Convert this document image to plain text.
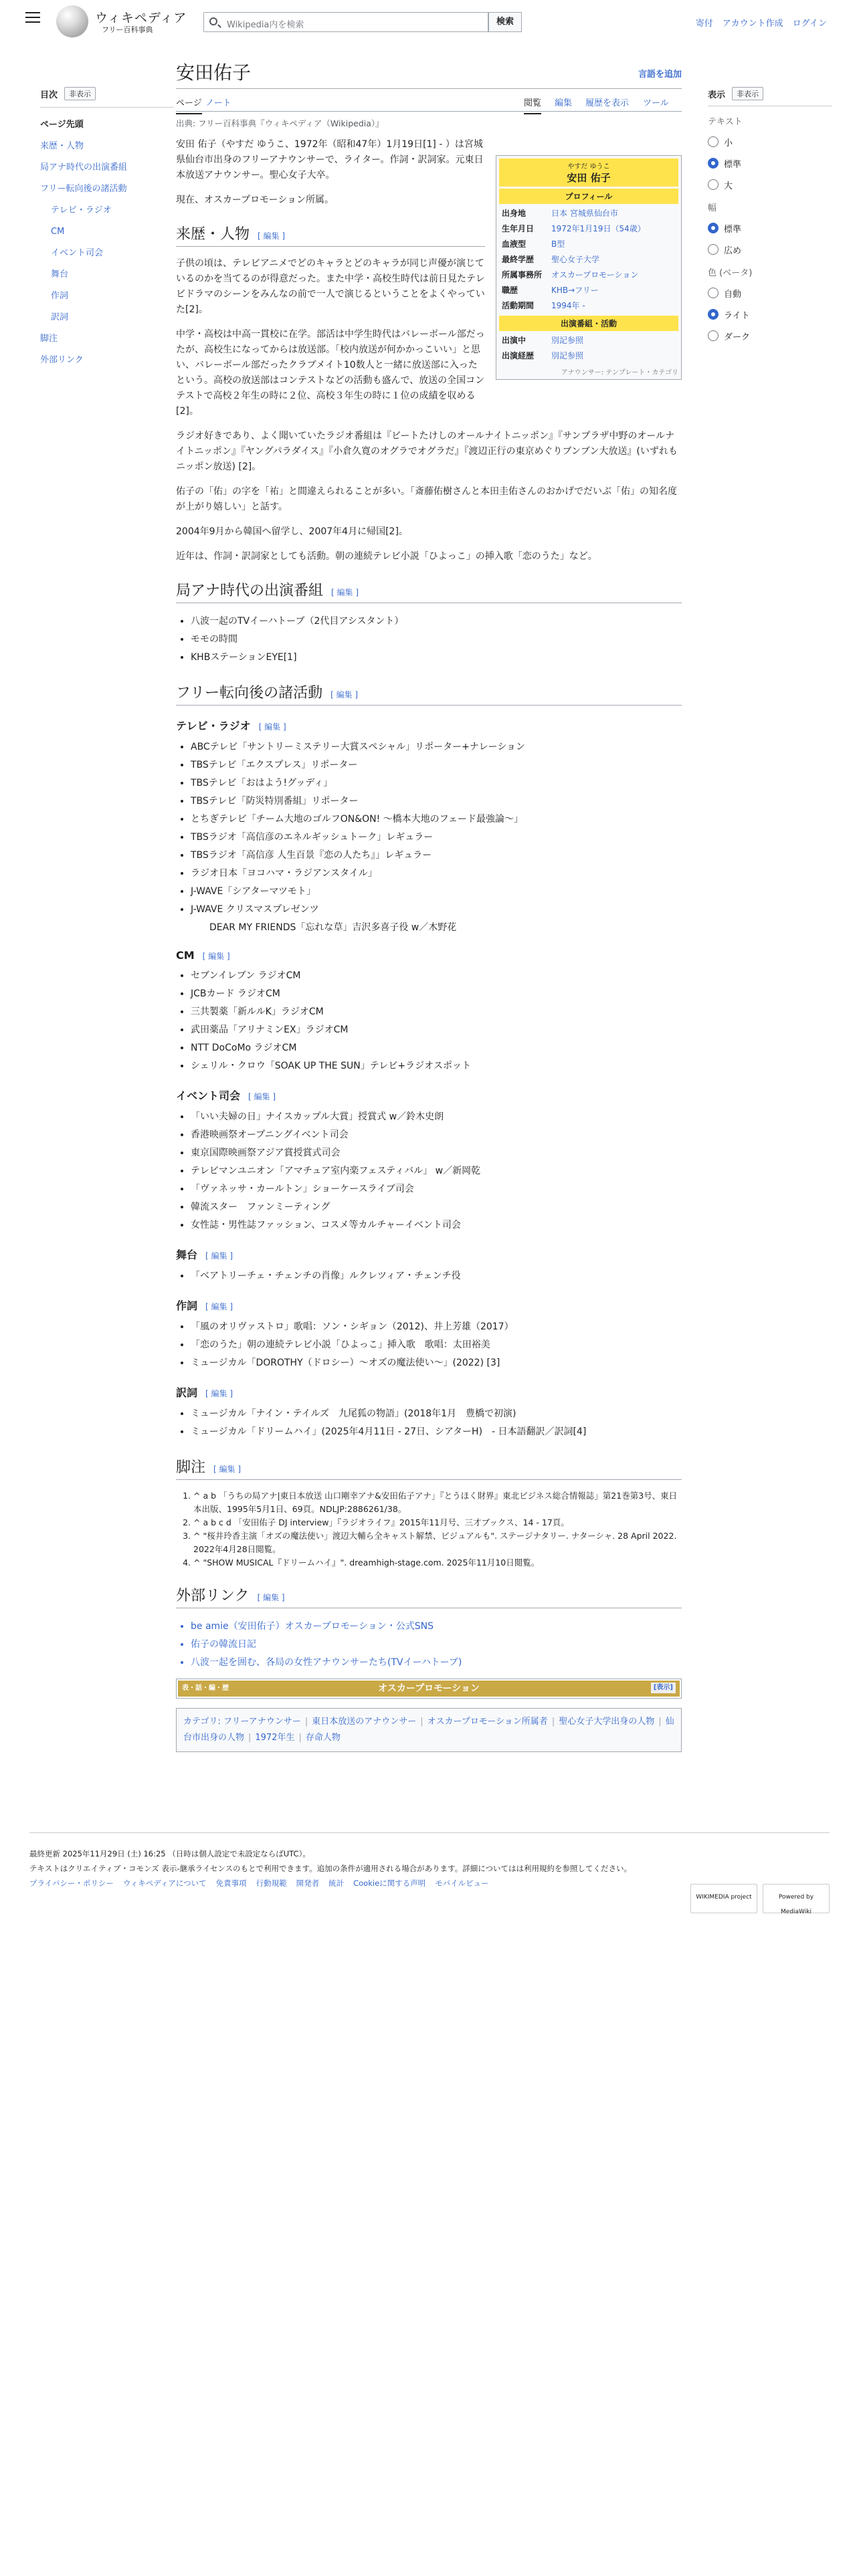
ウィキペディア
フリー百科事典	Wikipedia内を検索	検索	寄付 アカウント作成 ログイン
目次	非表示
ページ先頭
来歴・人物
局アナ時代の出演番組
フリー転向後の諸活動
テレビ・ラジオ
CM
イベント司会
舞台
作詞
訳詞
脚注
外部リンク
表示	非表示
テキスト
小
標準
大
幅
標準
広め
色 (ベータ)
自動
ライト
ダーク
安田佑子	言語を追加
ページ ノート	閲覧 編集 履歴を表示 ツール
出典: フリー百科事典『ウィキペディア（Wikipedia）』
やすだ ゆうこ
安田 佑子
プロフィール
出身地	日本 宮城県仙台市
生年月日	1972年1月19日（54歳）
血液型	B型
最終学歴	聖心女子大学
所属事務所	オスカープロモーション
職歴	KHB→フリー
活動期間	1994年 -
出演番組・活動
出演中	別記参照
出演経歴	別記参照
アナウンサー: テンプレート・カテゴリ

安田 佑子（やすだ ゆうこ、1972年（昭和47年）1月19日[1] - ）は宮城県仙台市出身のフリーアナウンサーで、ライター。作詞・訳詞家。元東日本放送アナウンサー。聖心女子大卒。

現在、オスカープロモーション所属。

来歴・人物 [ 編集 ]

子供の頃は、テレビアニメでどのキャラとどのキャラが同じ声優が演じているのかを当てるのが得意だった。また中学・高校生時代は前日見たテレビドラマのシーンをみんなの前で一人で演じるということをよくやっていた[2]。

中学・高校は中高一貫校に在学。部活は中学生時代はバレーボール部だったが、高校生になってからは放送部。「校内放送が何かかっこいい」と思い、バレーボール部だったクラブメイト10数人と一緒に放送部に入ったという。高校の放送部はコンテストなどの活動も盛んで、放送の全国コンテストで高校２年生の時に２位、高校３年生の時に１位の成績を収める[2]。

ラジオ好きであり、よく聞いていたラジオ番組は『ビートたけしのオールナイトニッポン』『サンプラザ中野のオールナイトニッポン』『ヤングパラダイス』『小倉久寛のオグラでオグラだ』『渡辺正行の東京めぐりブンブン大放送』(いずれもニッポン放送) [2]。

佑子の「佑」の字を「祐」と間違えられることが多い。「斎藤佑樹さんと本田圭佑さんのおかげでだいぶ「佑」の知名度が上がり嬉しい」と話す。

2004年9月から韓国へ留学し、2007年4月に帰国[2]。

近年は、作詞・訳詞家としても活動。朝の連続テレビ小説「ひよっこ」の挿入歌「恋のうた」など。

局アナ時代の出演番組 [ 編集 ]
• 八波一起のTVイーハトーブ（2代目アシスタント）
• モモの時間
• KHBステーションEYE[1]
フリー転向後の諸活動 [ 編集 ]
テレビ・ラジオ [ 編集 ]
• ABCテレビ「サントリーミステリー大賞スペシャル」リポーター+ナレーション
• TBSテレビ「エクスプレス」リポーター
• TBSテレビ「おはよう!グッディ」
• TBSテレビ「防災特別番組」リポーター
• とちぎテレビ「チーム大地のゴルフON&ON! 〜橋本大地のフェード最強論〜」
• TBSラジオ「高信彦のエネルギッシュトーク」レギュラー
• TBSラジオ「高信彦 人生百景『恋の人たち』」レギュラー
• ラジオ日本「ヨコハマ・ラジアンスタイル」
• J-WAVE「シアターマツモト」
• J-WAVE クリスマスプレゼンツ
DEAR MY FRIENDS「忘れな草」吉沢多喜子役 w／木野花
CM [ 編集 ]
• セブンイレブン ラジオCM
• JCBカード ラジオCM
• 三共製薬「新ルルK」ラジオCM
• 武田薬品「アリナミンEX」ラジオCM
• NTT DoCoMo ラジオCM
• シェリル・クロウ「SOAK UP THE SUN」テレビ+ラジオスポット
イベント司会 [ 編集 ]
• 「いい夫婦の日」ナイスカップル大賞」授賞式 w／鈴木史朗
• 香港映画祭オープニングイベント司会
• 東京国際映画祭アジア賞授賞式司会
• テレビマンユニオン「アマチュア室内楽フェスティバル」 w／新岡乾
• 「ヴァネッサ・カールトン」ショーケースライブ司会
• 韓流スター　ファンミーティング
• 女性誌・男性誌ファッション、コスメ等カルチャーイベント司会
舞台 [ 編集 ]
• 「ベアトリーチェ・チェンチの肖像」ルクレツィア・チェンチ役
作詞 [ 編集 ]
• 「風のオリヴァストロ」歌唱：ソン・シギョン（2012)、井上芳雄（2017）
• 「恋のうた」朝の連続テレビ小説「ひよっこ」挿入歌　歌唱：太田裕美
• ミュージカル「DOROTHY（ドロシー）〜オズの魔法使い〜」(2022) [3]
訳詞 [ 編集 ]
• ミュージカル「ナイン・テイルズ　九尾狐の物語」(2018年1月　豊橋で初演)
• ミュージカル「ドリームハイ」(2025年4月11日 - 27日、シアターH)　- 日本語翻訳／訳詞[4]
脚注 [ 編集 ]
1. ^ a b 「うちの局アナ|東日本放送 山口剛幸アナ&安田佑子アナ」『とうほく財界』東北ビジネス総合情報誌」第21巻第3号、東日本出版、1995年5月1日、69頁。NDLJP:2886261/38。
2. ^ a b c d 「安田佑子 DJ interview」『ラジオライフ』2015年11月号、三才ブックス、14 - 17頁。
3. ^ "桜井玲香主演「オズの魔法使い」渡辺大輔ら全キャスト解禁、ビジュアルも". ステージナタリー. ナターシャ. 28 April 2022. 2022年4月28日閲覧。
4. ^ "SHOW MUSICAL『ドリームハイ』". dreamhigh-stage.com. 2025年11月10日閲覧。
外部リンク [ 編集 ]
• be amie（安田佑子）オスカープロモーション・公式SNS
• 佑子の韓流日記
• 八波一起を囲む、各局の女性アナウンサーたち(TVイーハトーブ)
表・話・編・歴	オスカープロモーション	[表示]
カテゴリ: フリーアナウンサー | 東日本放送のアナウンサー | オスカープロモーション所属者 | 聖心女子大学出身の人物 | 仙台市出身の人物 | 1972年生 | 存命人物
最終更新 2025年11月29日 (土) 16:25 （日時は個人設定で未設定ならばUTC）。
テキストはクリエイティブ・コモンズ 表示-継承ライセンスのもとで利用できます。追加の条件が適用される場合があります。詳細についてはは利用規約を参照してください。
プライバシー・ポリシー ウィキペディアについて 免責事項 行動規範 開発者 統計 Cookieに関する声明 モバイルビュー
WIKIMEDIA project	Powered by MediaWiki
